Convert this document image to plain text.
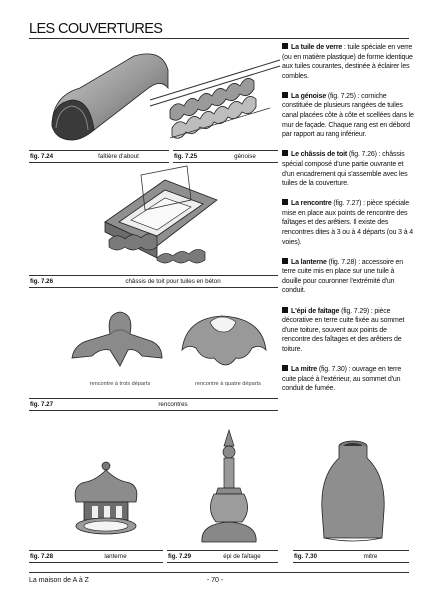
LES COUVERTURES
fig. 7.24	faîtière d'about	fig. 7.25	génoise
fig. 7.26	châssis de toit pour tuiles en béton
rencontre à trois départs	rencontre à quatre départs
fig. 7.27	rencontres
fig. 7.28	lanterne	fig. 7.29	épi de faîtage	fig. 7.30	mitre

La tuile de verre : tuile spéciale en verre (ou en matière plastique) de forme identique aux tuiles courantes, destinée à éclairer les combles.

La génoise (fig. 7.25) : corniche constituée de plusieurs rangées de tuiles canal placées côte à côte et scellées dans le mur de façade. Chaque rang est en débord par rapport au rang inférieur.

Le châssis de toit (fig. 7.26) : châssis spécial composé d'une partie ouvrante et d'un encadrement qui s'assemble avec les tuiles de la couverture.

La rencontre (fig. 7.27) : pièce spéciale mise en place aux points de rencontre des faîtages et des arêtiers. Il existe des rencontres dites à 3 ou à 4 départs (ou 3 à 4 voies).

La lanterne (fig. 7.28) : accessoire en terre cuite mis en place sur une tuile à douille pour couronner l'extrémité d'un conduit.

L'épi de faîtage (fig. 7.29) : pièce décorative en terre cuite fixée au sommet d'une toiture, souvent aux points de rencontre des faîtages et des arêtiers de toiture.

La mitre (fig. 7.30) : ouvrage en terre cuite placé à l'extérieur, au sommet d'un conduit de fumée.

La maison de A à Z	- 70 -
